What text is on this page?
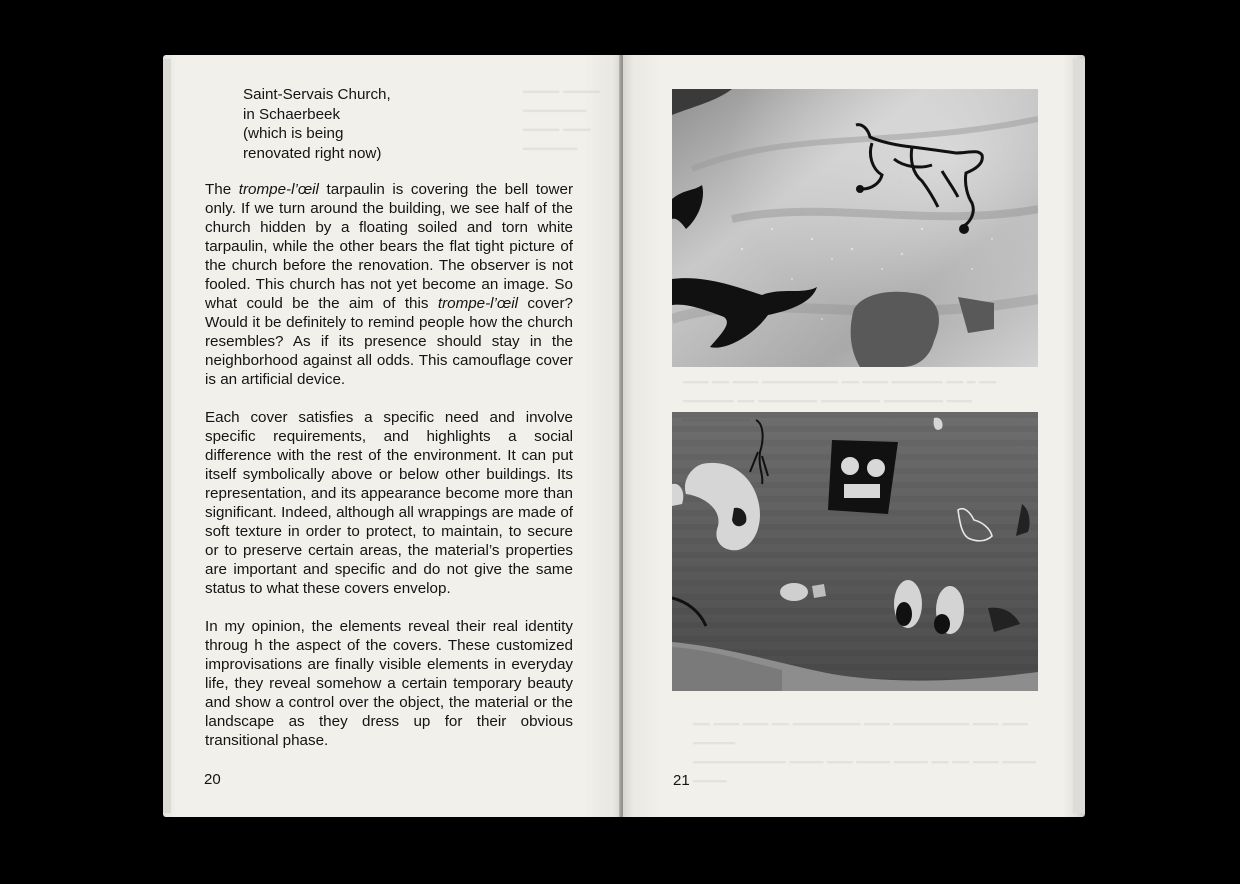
━━━━ ━━━━
━━━━━━━
━━━━ ━━━
━━━━━━
Saint-Servais Church,
in Schaerbeek
(which is being
renovated right now)

The trompe-l’œil tarpaulin is covering the bell tower only. If we turn around the building, we see half of the church hidden by a floating soiled and torn white tarpaulin, while the other bears the flat tight picture of the church before the renovation. The observer is not fooled. This church has not yet become an image. So what could be the aim of this trompe-l’œil cover? Would it be definitely to remind people how the church resembles? As if its presence should stay in the neighborhood against all odds. This camouflage cover is an artificial device.

Each cover satisfies a specific need and involve specific requirements, and highlights a social difference with the rest of the environment. It can put itself symbolically above or below other buildings. Its representation, and its appearance become more than significant. Indeed, although all wrappings are made of soft texture in order to protect, to maintain, to secure or to preserve certain areas, the material’s properties are important and specific and do not give the same status to what these covers envelop.

In my opinion, the elements reveal their real identity throug h the aspect of the covers. These customized improvisations are finally visible elements in everyday life, they reveal somehow a certain temporary beauty and show a control over the object, the material or the landscape as they dress up for their obvious transitional phase.

20
━━━ ━━ ━━━ ━━━━━━━━━ ━━ ━━━ ━━━━━━ ━━ ━ ━━
━━━━━━ ━━ ━━━━━━━ ━━━━━━━ ━━━━━━━ ━━━ ━━━━━━━━
━━ ━━━ ━━━ ━━ ━━━━━━━━ ━━━ ━━━━━━━━━ ━━━ ━━━ ━━━━━
━━━━━━━━━━━ ━━━━ ━━━ ━━━━ ━━━━ ━━ ━━ ━━━ ━━━━ ━━━━
21
